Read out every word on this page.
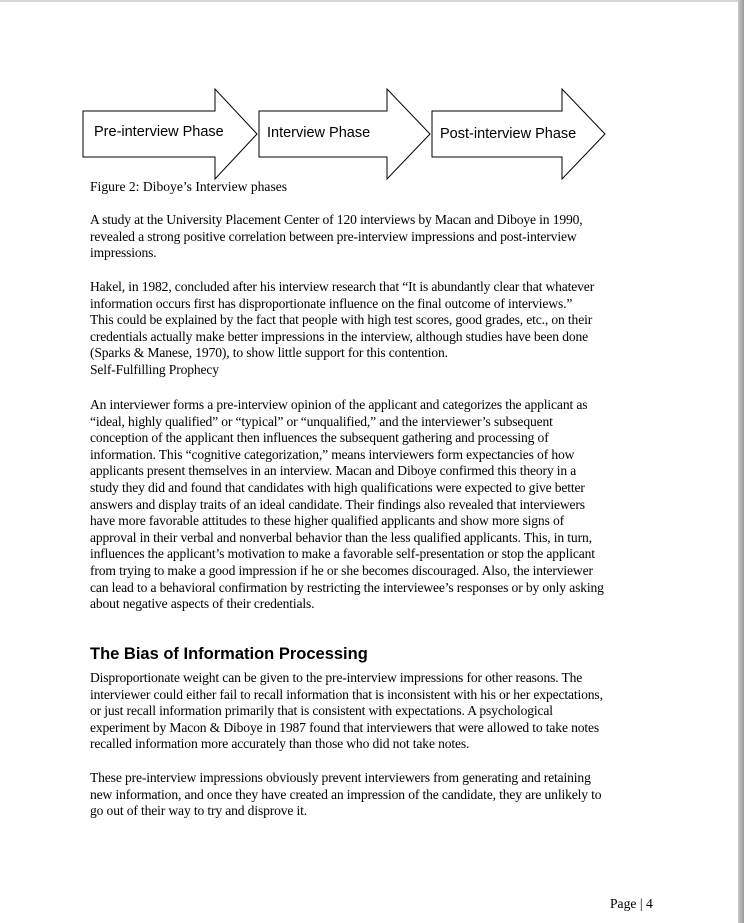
Pre-interview Phase	Interview Phase	Post-interview Phase
Figure 2: Diboye’s Interview phases
A study at the University Placement Center of 120 interviews by Macan and Diboye in 1990,
revealed a strong positive correlation between pre-interview impressions and post-interview
impressions.
Hakel, in 1982, concluded after his interview research that “It is abundantly clear that whatever
information occurs first has disproportionate influence on the final outcome of interviews.”
This could be explained by the fact that people with high test scores, good grades, etc., on their
credentials actually make better impressions in the interview, although studies have been done
(Sparks & Manese, 1970), to show little support for this contention.
Self-Fulfilling Prophecy
An interviewer forms a pre-interview opinion of the applicant and categorizes the applicant as
“ideal, highly qualified” or “typical” or “unqualified,” and the interviewer’s subsequent
conception of the applicant then influences the subsequent gathering and processing of
information. This “cognitive categorization,” means interviewers form expectancies of how
applicants present themselves in an interview. Macan and Diboye confirmed this theory in a
study they did and found that candidates with high qualifications were expected to give better
answers and display traits of an ideal candidate. Their findings also revealed that interviewers
have more favorable attitudes to these higher qualified applicants and show more signs of
approval in their verbal and nonverbal behavior than the less qualified applicants. This, in turn,
influences the applicant’s motivation to make a favorable self-presentation or stop the applicant
from trying to make a good impression if he or she becomes discouraged. Also, the interviewer
can lead to a behavioral confirmation by restricting the interviewee’s responses or by only asking
about negative aspects of their credentials.
The Bias of Information Processing
Disproportionate weight can be given to the pre-interview impressions for other reasons. The
interviewer could either fail to recall information that is inconsistent with his or her expectations,
or just recall information primarily that is consistent with expectations. A psychological
experiment by Macon & Diboye in 1987 found that interviewers that were allowed to take notes
recalled information more accurately than those who did not take notes.
These pre-interview impressions obviously prevent interviewers from generating and retaining
new information, and once they have created an impression of the candidate, they are unlikely to
go out of their way to try and disprove it.
Page | 4
